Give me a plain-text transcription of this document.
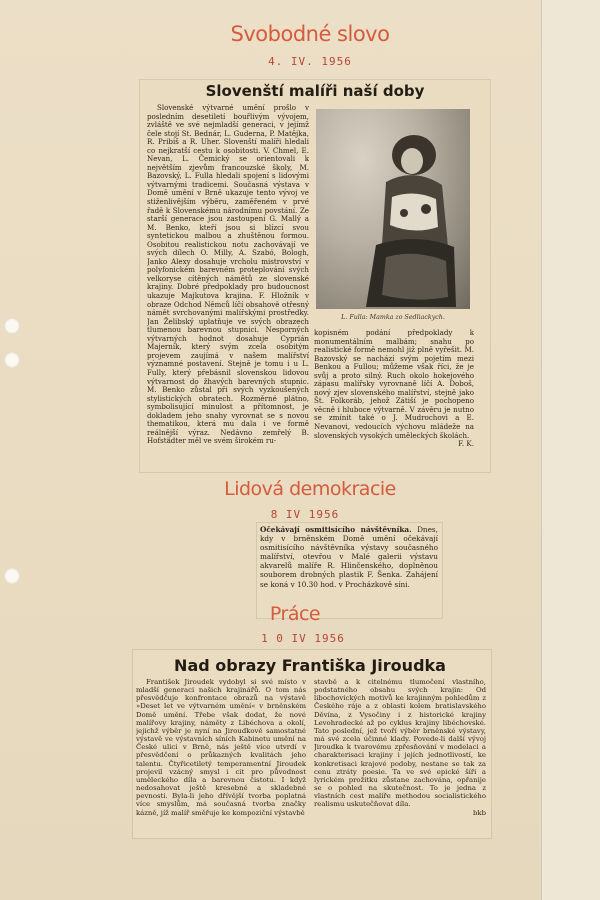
Svobodné slovo
4. IV. 1956
Slovenští malíři naší doby

Slovenské výtvarné umění prošlo v posledním desetiletí bouřlivým vývojem, zvláště ve své nejmladší generaci, v jejímž čele stojí St. Bednár, L. Guderna, P. Matějka, R. Pribiš a R. Uher. Slovenští malíři hledali co nejkratší cestu k osobitosti. V. Chmel, E. Nevan, L. Čemický se orientovali k největším zjevům francouzské školy, M. Bazovský, L. Fulla hledali spojení s lidovými výtvarnými tradicemi. Současná výstava v Domě umění v Brně ukazuje tento vývoj ve stiženlivějším výběru, zaměřeném v prvé řadě k Slovenskému národnímu povstání. Ze starší generace jsou zastoupeni G. Mallý a M. Benko, kteří jsou si blízcí svou syntetickou malbou a zhuštěnou formou. Osobitou realistickou notu zachovávají ve svých dílech O. Milly, A. Szabó, Bologh, Janko Alexy dosahuje vrcholu mistrovství v polyfonickém barevném proteplování svých velkoryse cítěných námětů ze slovenské krajiny. Dobré předpoklady pro budoucnost ukazuje Majkutova krajina. F. Hložník v obraze Odchod Němců líčí obsahově otřesný námět svrchovanými malířskými prostředky. Jan Želibský uplatňuje ve svých obrazech tlumenou barevnou stupnici. Nesporných výtvarných hodnot dosahuje Cyprián Majerník, který svým zcela osobitým projevem zaujímá v našem malířství významné postavení. Stejně je tomu i u L. Fully, který přebásnil slovenskou lidovou výtvarnost do žhavých barevných stupnic. M. Benko zůstal při svých vyzkoušených stylistických obratech. Rozměrné plátno, symbolisující minulost a přítomnost, je dokladem jeho snahy vyrovnat se s novou thematikou, která mu dala i ve formě reálnější výraz. Nedávno zemřelý B. Hofstädter měl ve svém širokém ru-

L. Fulla: Mamka zo Sedliackych.

kopisném podání předpoklady k monumentálním malbám; snahu po realistické formě nemohl již plně vyřešit. M. Bazovský se nachází svým pojetím mezi Benkou a Fullou; můžeme však říci, že je svůj a proto silný. Ruch okolo hokejového zápasu malířsky vyrovnaně líčí A. Doboš, nový zjev slovenského malířství, stejně jako Št. Folkoráb, jehož Zátiší je pochopeno věcně i hluboce výtvarně. V závěru je nutno se zmínit také o J. Mudrochovi a E. Nevanovi, vedoucích výchovu mládeže na slovenských vysokých uměleckých školách.

F. K.
Lidová demokracie
8 IV 1956
Očekávají osmitisícího návštěvníka. Dnes, kdy v brněnském Domě umění očekávají osmitisícího návštěvníka výstavy současného malířství, otevřou v Malé galerii výstavu akvarelů malíře R. Hlinčenského, doplněnou souborem drobných plastik F. Šenka. Zahájení se koná v 10.30 hod. v Procházkově síni.
Práce
1 0 IV 1956
Nad obrazy Františka Jiroudka

František Jiroudek vydobyl si své místo v mladší generaci našich krajinářů. O tom nás přesvědčuje konfrontace obrazů na výstavě »Deset let ve výtvarném umění« v brněnském Domě umění. Třebe však dodat, že nové malířovy krajiny, náměty z Libéchova a okolí, jejichž výběr je nyní na Jiroudkově samostatné výstavě ve výstavních síních Kabinetu umění na České ulici v Brně, nás ještě více utvrdí v přesvědčení o průkazných kvalitách jeho talentu. Čtyřicetiletý temperamentní Jiroudek projevil vzácný smysl i cit pro původnost uměleckého díla a barevnou čistotu. I když nedosahovat ještě kresebné a skladebné pevnosti. Byla-li jeho dřívější tvorba poplatná více smyslům, má současná tvorba značky kázně, jíž malíř směřuje ke kompoziční výstavbě

stavbě a k citelnému tlumočení vlastního, podstatného obsahu svých krajin: Od libochovických motivů ke krajinným pohledům z Českého ráje a z oblasti kolem bratislavského Děvína, z Vysočiny i z historické krajiny Levohradecké až po cyklus krajiny libéchovské. Tato poslední, jež tvoří výběr brněnské výstavy, má své zcela účinné klady. Povede-li další vývoj Jiroudka k tvarovému zpřesňování v modelaci a charakterisaci krajiny i jejích jednotlivostí, ke konkretisaci krajové podoby, nestane se tak za cenu ztráty poesie. Ta ve své epické šíři a lyrickém prožitku zůstane zachována, opřanije se o pohled na skutečnost. To je jedna z vlastních cest malíře methodou socialistického realismu uskutečňovat díla.

bkb
